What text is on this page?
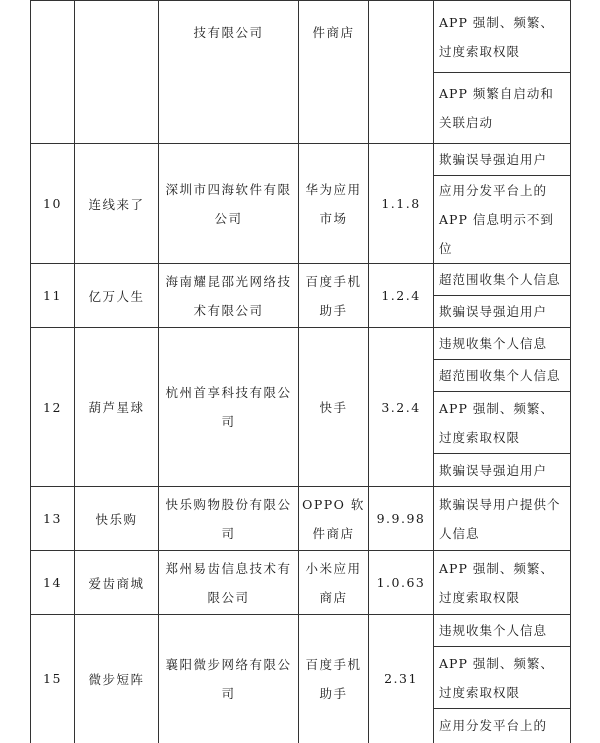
		技有限公司	件商店		APP 强制、频繁、过度索取权限
					APP 频繁自启动和关联启动
10	连线来了	深圳市四海软件有限公司	华为应用市场	1.1.8	欺骗误导强迫用户
					应用分发平台上的 APP 信息明示不到位
11	亿万人生	海南耀昆邵光网络技术有限公司	百度手机助手	1.2.4	超范围收集个人信息
					欺骗误导强迫用户
12	葫芦星球	杭州首享科技有限公司	快手	3.2.4	违规收集个人信息
					超范围收集个人信息
					APP 强制、频繁、过度索取权限
					欺骗误导强迫用户
13	快乐购	快乐购物股份有限公司	OPPO 软件商店	9.9.98	欺骗误导用户提供个人信息
14	爱齿商城	郑州易齿信息技术有限公司	小米应用商店	1.0.63	APP 强制、频繁、过度索取权限
15	微步短阵	襄阳微步网络有限公司	百度手机助手	2.31	违规收集个人信息
					APP 强制、频繁、过度索取权限
					应用分发平台上的
